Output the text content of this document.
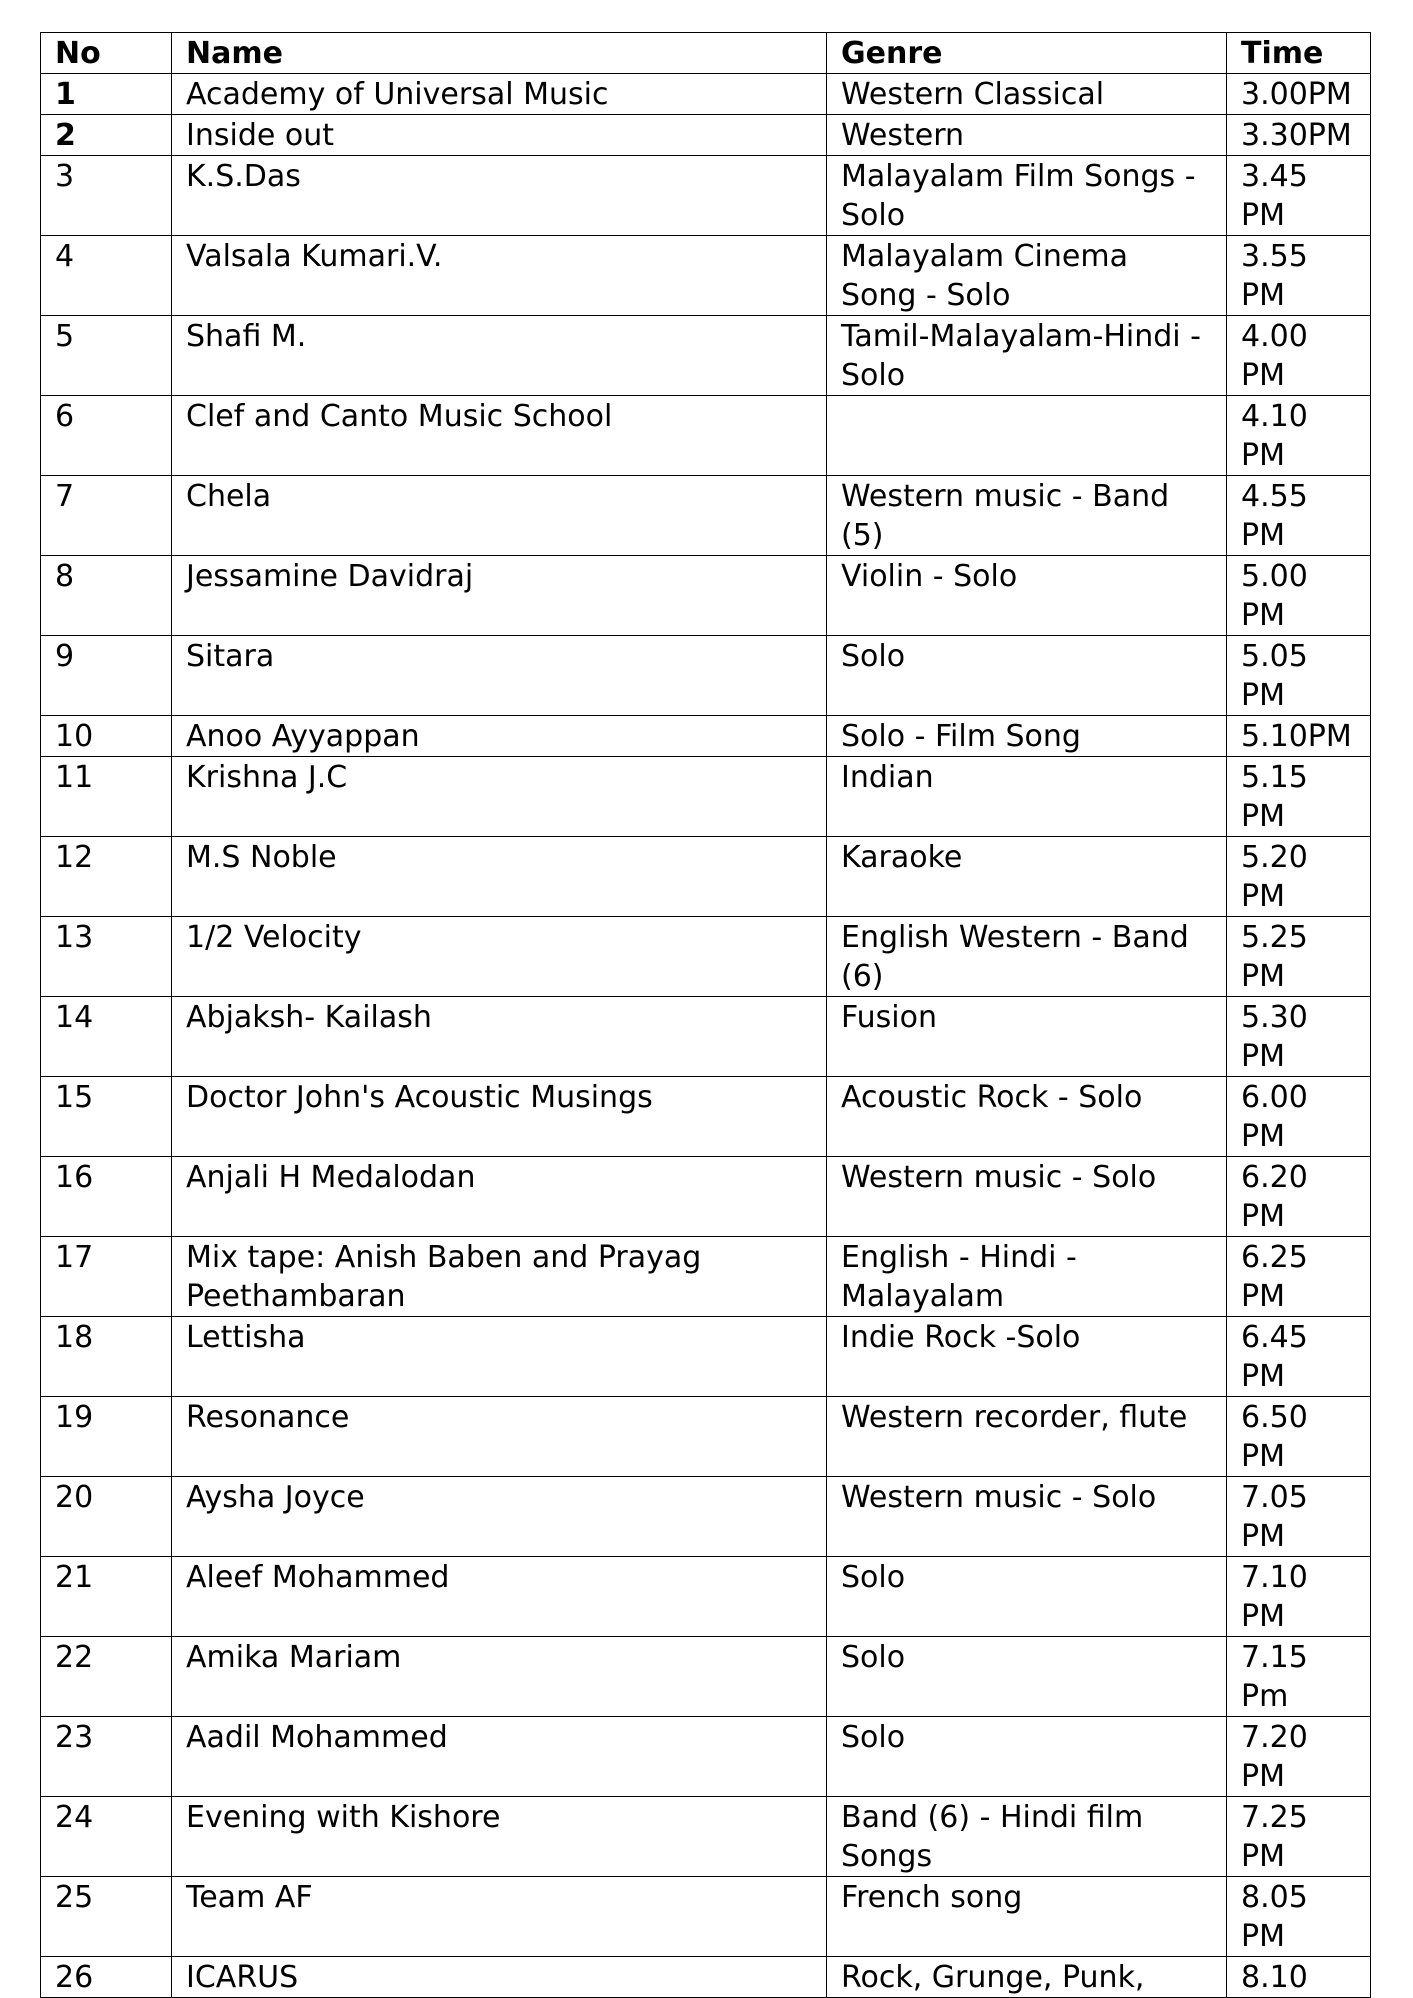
No	Name	Genre	Time
1	Academy of Universal Music	Western Classical	3.00PM
2	Inside out	Western	3.30PM
3	K.S.Das	Malayalam Film Songs - Solo	3.45 PM
4	Valsala Kumari.V.	Malayalam Cinema Song - Solo	3.55 PM
5	Shafi M.	Tamil-Malayalam-Hindi - Solo	4.00 PM
6	Clef and Canto Music School		4.10 PM
7	Chela	Western music - Band (5)	4.55 PM
8	Jessamine Davidraj	Violin - Solo	5.00 PM
9	Sitara	Solo	5.05 PM
10	Anoo Ayyappan	Solo - Film Song	5.10PM
11	Krishna J.C	Indian	5.15 PM
12	M.S Noble	Karaoke	5.20 PM
13	1/2 Velocity	English Western - Band (6)	5.25 PM
14	Abjaksh- Kailash	Fusion	5.30 PM
15	Doctor John's Acoustic Musings	Acoustic Rock - Solo	6.00 PM
16	Anjali H Medalodan	Western music - Solo	6.20 PM
17	Mix tape: Anish Baben and Prayag Peethambaran	English - Hindi - Malayalam	6.25 PM
18	Lettisha	Indie Rock -Solo	6.45 PM
19	Resonance	Western recorder, flute	6.50 PM
20	Aysha Joyce	Western music - Solo	7.05 PM
21	Aleef Mohammed	Solo	7.10 PM
22	Amika Mariam	Solo	7.15 Pm
23	Aadil Mohammed	Solo	7.20 PM
24	Evening with Kishore	Band (6) - Hindi film Songs	7.25 PM
25	Team AF	French song	8.05 PM
26	ICARUS	Rock, Grunge, Punk,	8.10
